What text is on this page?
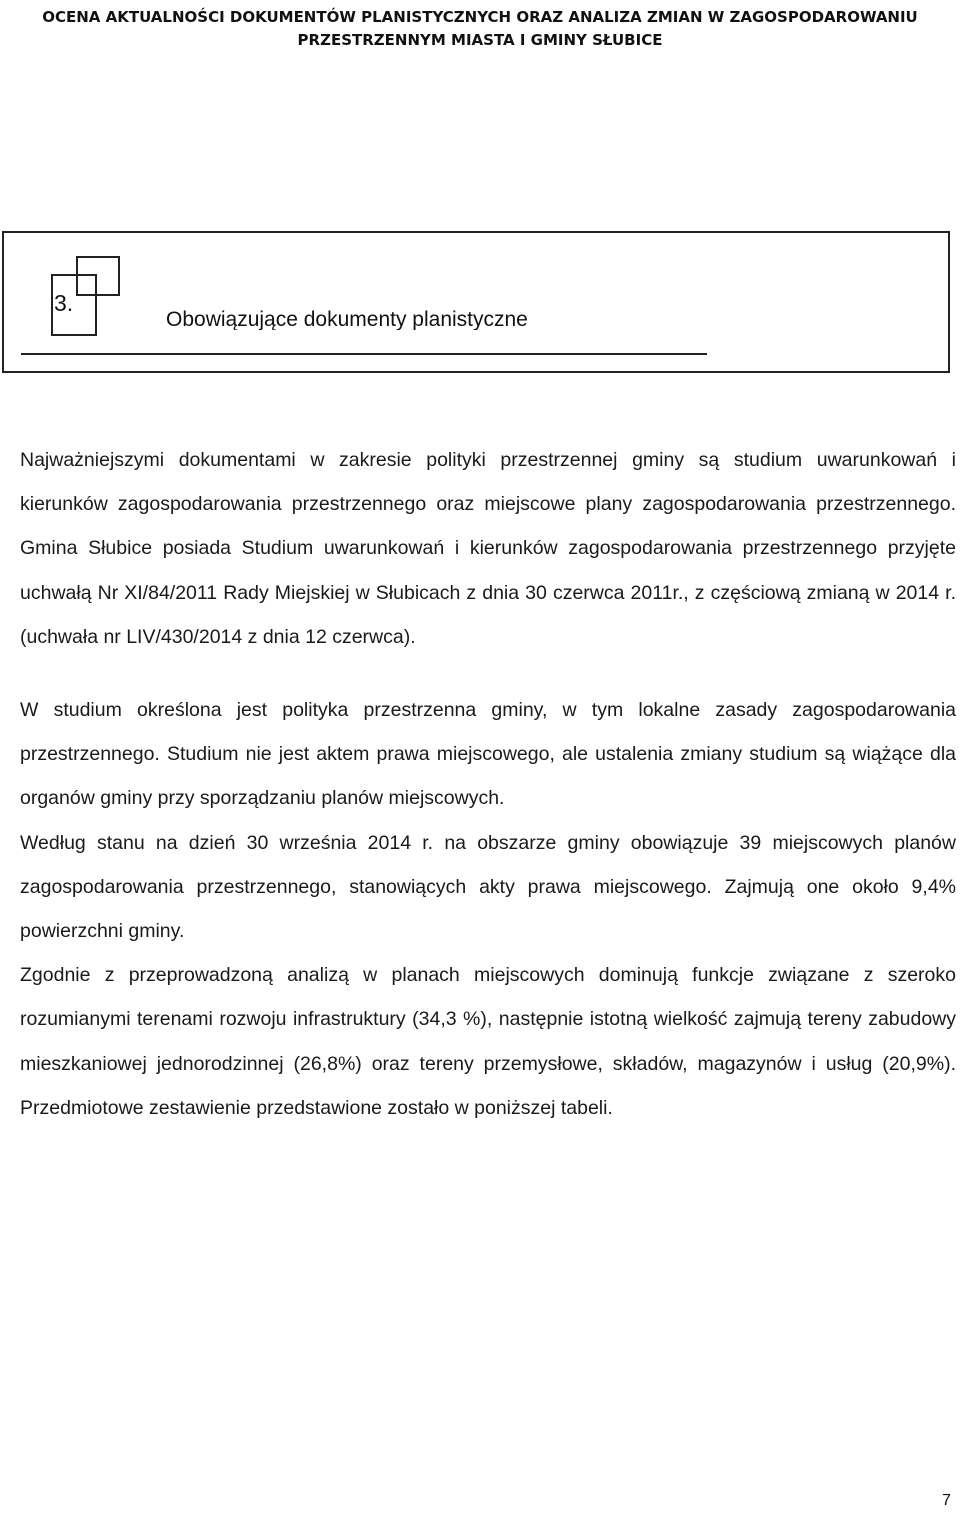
OCENA AKTUALNOŚCI DOKUMENTÓW PLANISTYCZNYCH ORAZ ANALIZA ZMIAN W ZAGOSPODAROWANIU
PRZESTRZENNYM MIASTA I GMINY SŁUBICE
3.
Obowiązujące dokumenty planistyczne

Najważniejszymi dokumentami w zakresie polityki przestrzennej gminy są studium uwarunkowań i kierunków zagospodarowania przestrzennego oraz miejscowe plany zagospodarowania przestrzennego. Gmina Słubice posiada Studium uwarunkowań i kierunków zagospodarowania przestrzennego przyjęte uchwałą Nr XI/84/2011 Rady Miejskiej w Słubicach z dnia 30 czerwca 2011r., z częściową zmianą w 2014 r. (uchwała nr LIV/430/2014 z dnia 12 czerwca).

W studium określona jest polityka przestrzenna gminy, w tym lokalne zasady zagospodarowania przestrzennego. Studium nie jest aktem prawa miejscowego, ale ustalenia zmiany studium są wiążące dla organów gminy przy sporządzaniu planów miejscowych.

Według stanu na dzień 30 września 2014 r. na obszarze gminy obowiązuje 39 miejscowych planów zagospodarowania przestrzennego, stanowiących akty prawa miejscowego. Zajmują one około 9,4% powierzchni gminy.

Zgodnie z przeprowadzoną analizą w planach miejscowych dominują funkcje związane z szeroko rozumianymi terenami rozwoju infrastruktury (34,3 %), następnie istotną wielkość zajmują tereny zabudowy mieszkaniowej jednorodzinnej (26,8%) oraz tereny przemysłowe, składów, magazynów i usług (20,9%). Przedmiotowe zestawienie przedstawione zostało w poniższej tabeli.

7
